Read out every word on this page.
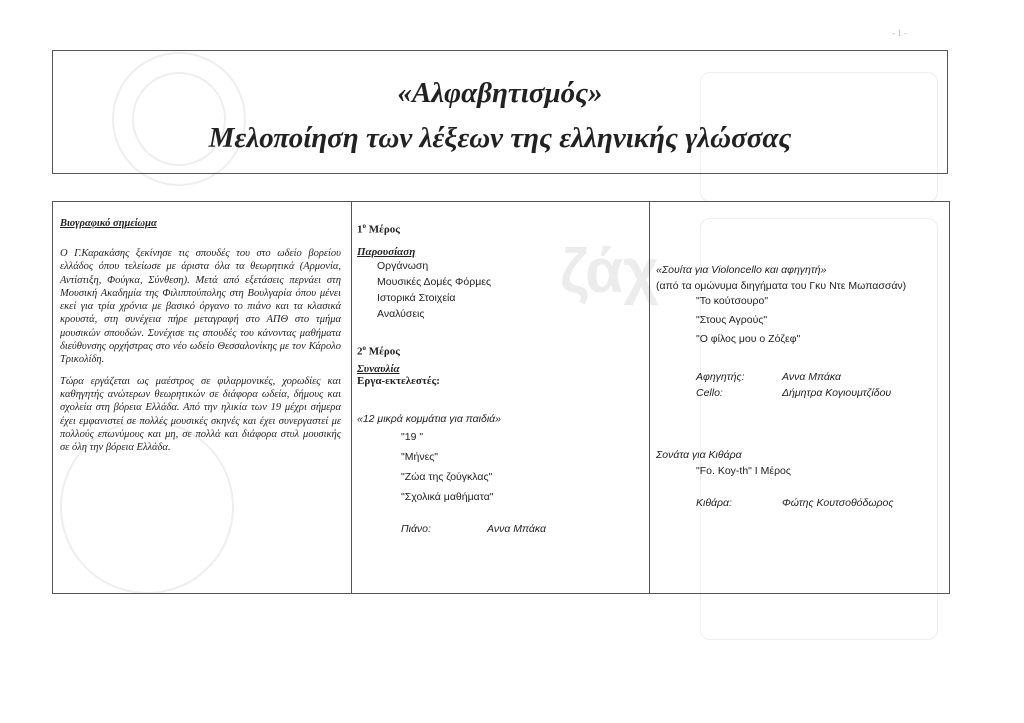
ζάχ
- 1 -
«Αλφαβητισμός»
Μελοποίηση των λέξεων της ελληνικής γλώσσας
Βιογραφικό σημείωμα

Ο Γ.Καρακάσης ξεκίνησε τις σπουδές του στο ωδείο βορείου ελλάδος όπου τελείωσε με άριστα όλα τα θεωρητικά (Αρμονία, Αντίστιξη, Φούγκα, Σύνθεση). Μετά από εξετάσεις περνάει στη Μουσική Ακαδημία της Φιλιππούπολης στη Βουλγαρία όπου μένει εκεί για τρία χρόνια με βασικό όργανο το πιάνο και τα κλασικά κρουστά, στη συνέχεια πήρε μεταγραφή στο ΑΠΘ στο τμήμα μουσικών σπουδών. Συνέχισε τις σπουδές του κάνοντας μαθήματα διεύθυνσης ορχήστρας στο νέο ωδείο Θεσσαλονίκης με τον Κάρολο Τρικολίδη.

Τώρα εργάζεται ως μαέστρος σε φιλαρμονικές, χορωδίες και καθηγητής ανώτερων θεωρητικών σε διάφορα ωδεία, δήμους και σχολεία στη βόρεια Ελλάδα. Από την ηλικία των 19 μέχρι σήμερα έχει εμφανιστεί σε πολλές μουσικές σκηνές και έχει συνεργαστεί με πολλούς επωνύμους και μη, σε πολλά και διάφορα στυλ μουσικής σε όλη την βόρεια Ελλάδα.

$1^o$ Μέρος
Παρουσίαση
Οργάνωση
Μουσικές Δομές Φόρμες
Ιστορικά Στοιχεία
Αναλύσεις
$2^o$ Μέρος
Συναυλία
Εργα-εκτελεστές:
«12 μικρά κομμάτια για παιδιά»
"19 "
"Μήνες"
"Ζώα της ζούγκλας"
"Σχολικά μαθήματα"
Πιάνο:	Αννα Μπάκα
«Σουίτα για Violoncello και αφηγητή»
(από τα ομώνυμα διηγήματα του Γκυ Ντε Μωπασσάν)
"Το κούτσουρο"
"Στους Αγρούς"
"Ο φίλος μου ο Ζόζεφ"
Αφηγητής:	Αννα Μπάκα
Cello:	Δήμητρα Κογιουμτζίδου
Σονάτα για Κιθάρα
"Fo. Koy-th" I Μέρος
Κιθάρα:	Φώτης Κουτσοθόδωρος
